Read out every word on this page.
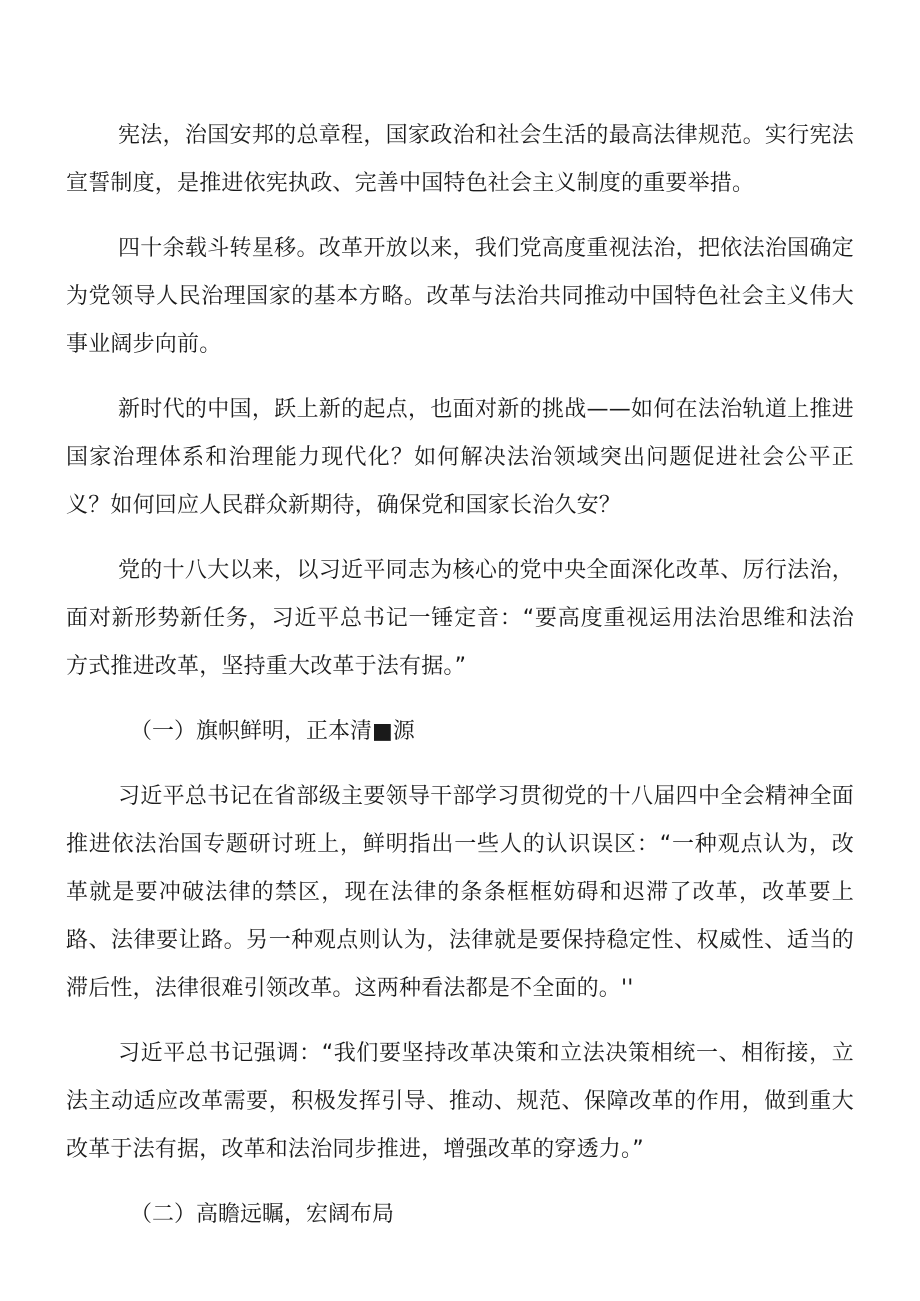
宪法，治国安邦的总章程，国家政治和社会生活的最高法律规范。实行宪法宣誓制度，是推进依宪执政、完善中国特色社会主义制度的重要举措。

四十余载斗转星移。改革开放以来，我们党高度重视法治，把依法治国确定为党领导人民治理国家的基本方略。改革与法治共同推动中国特色社会主义伟大事业阔步向前。

新时代的中国，跃上新的起点，也面对新的挑战——如何在法治轨道上推进国家治理体系和治理能力现代化？如何解决法治领域突出问题促进社会公平正义？如何回应人民群众新期待，确保党和国家长治久安？

党的十八大以来，以习近平同志为核心的党中央全面深化改革、厉行法治，面对新形势新任务，习近平总书记一锤定音：“要高度重视运用法治思维和法治方式推进改革，坚持重大改革于法有据。”

（一）旗帜鲜明，正本清■源

习近平总书记在省部级主要领导干部学习贯彻党的十八届四中全会精神全面推进依法治国专题研讨班上，鲜明指出一些人的认识误区：“一种观点认为，改革就是要冲破法律的禁区，现在法律的条条框框妨碍和迟滞了改革，改革要上路、法律要让路。另一种观点则认为，法律就是要保持稳定性、权威性、适当的滞后性，法律很难引领改革。这两种看法都是不全面的。''

习近平总书记强调：“我们要坚持改革决策和立法决策相统一、相衔接，立法主动适应改革需要，积极发挥引导、推动、规范、保障改革的作用，做到重大改革于法有据，改革和法治同步推进，增强改革的穿透力。”

（二）高瞻远瞩，宏阔布局
